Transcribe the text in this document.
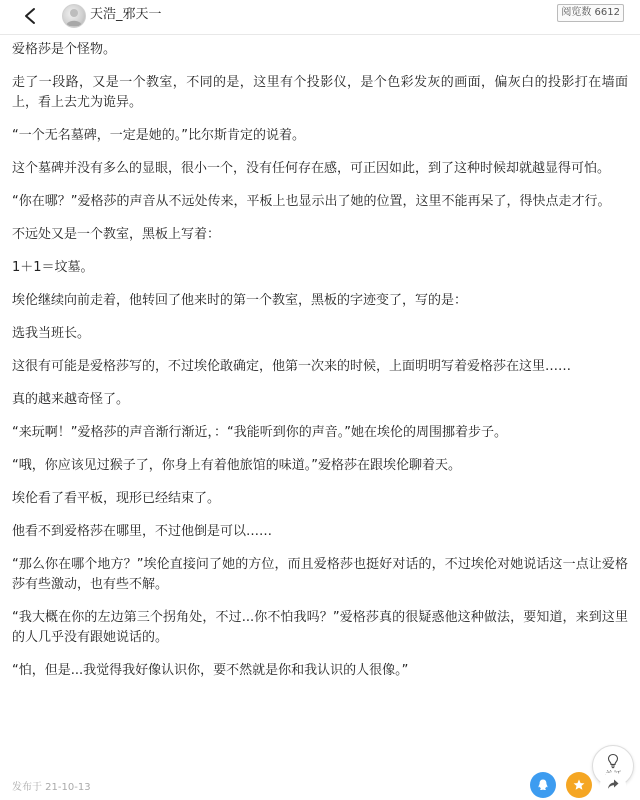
天浩_邪天一	阅览数 6612

爱格莎是个怪物。

走了一段路，又是一个教室，不同的是，这里有个投影仪，是个色彩发灰的画面，偏灰白的投影打在墙面上，看上去尤为诡异。

“一个无名墓碑，一定是她的。”比尔斯肯定的说着。

这个墓碑并没有多么的显眼，很小一个，没有任何存在感，可正因如此，到了这种时候却就越显得可怕。

“你在哪？”爱格莎的声音从不远处传来，平板上也显示出了她的位置，这里不能再呆了，得快点走才行。

不远处又是一个教室，黑板上写着：

1＋1＝坟墓。

埃伦继续向前走着，他转回了他来时的第一个教室，黑板的字迹变了，写的是：

选我当班长。

这很有可能是爱格莎写的，不过埃伦敢确定，他第一次来的时候，上面明明写着爱格莎在这里……

真的越来越奇怪了。

“来玩啊！”爱格莎的声音渐行渐近，：“我能听到你的声音。”她在埃伦的周围挪着步子。

“哦，你应该见过猴子了，你身上有着他旅馆的味道。”爱格莎在跟埃伦聊着天。

埃伦看了看平板，现形已经结束了。

他看不到爱格莎在哪里，不过他倒是可以……

“那么你在哪个地方？”埃伦直接问了她的方位，而且爱格莎也挺好对话的，不过埃伦对她说话这一点让爱格莎有些激动，也有些不解。

“我大概在你的左边第三个拐角处，不过...你不怕我吗？”爱格莎真的很疑惑他这种做法，要知道，来到这里的人几乎没有跟她说话的。

“怕，但是...我觉得我好像认识你，要不然就是你和我认识的人很像。”

发布于 21-10-13
